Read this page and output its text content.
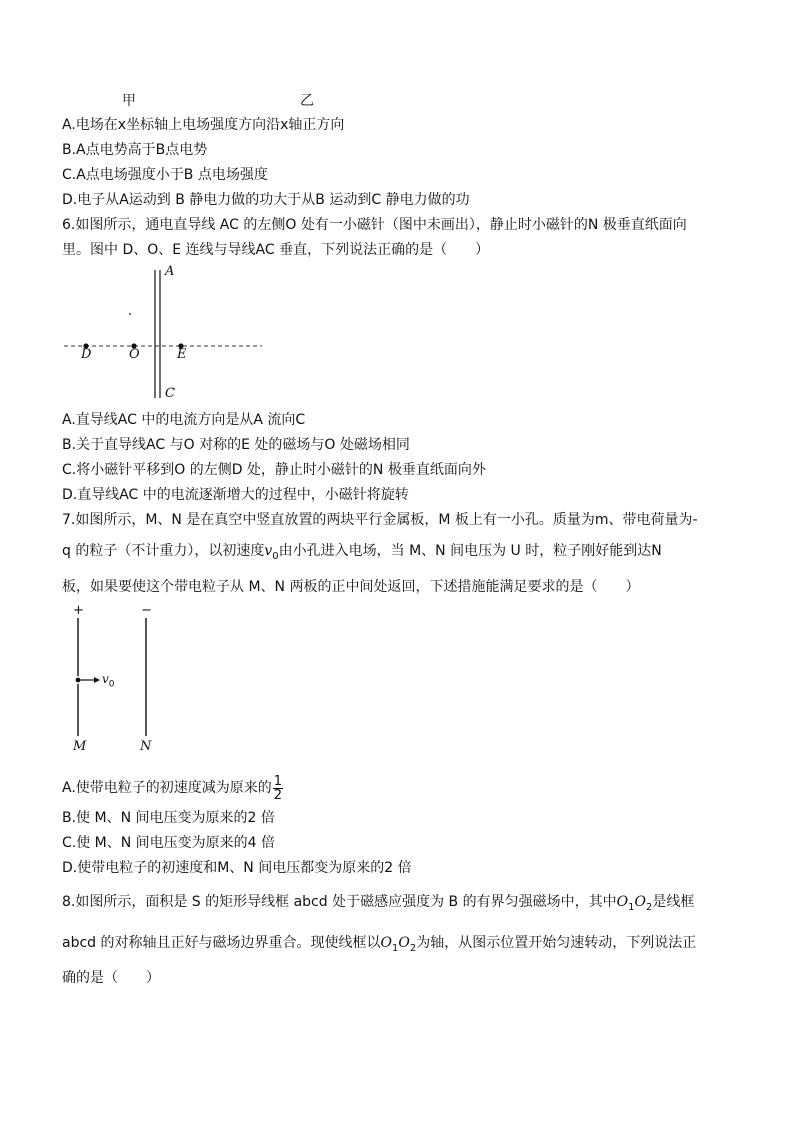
甲	乙
A.电场在x坐标轴上电场强度方向沿x轴正方向
B.A点电势高于B点电势
C.A点电场强度小于B 点电场强度
D.电子从A运动到 B 静电力做的功大于从B 运动到C 静电力做的功
6.如图所示，通电直导线 AC 的左侧O 处有一小磁针（图中未画出），静止时小磁针的N 极垂直纸面向
里。图中 D、O、E 连线与导线AC 垂直，下列说法正确的是（　　）
A
C
D	O	E
A.直导线AC 中的电流方向是从A 流向C
B.关于直导线AC 与O 对称的E 处的磁场与O 处磁场相同
C.将小磁针平移到O 的左侧D 处，静止时小磁针的N 极垂直纸面向外
D.直导线AC 中的电流逐渐增大的过程中，小磁针将旋转
7.如图所示，M、N 是在真空中竖直放置的两块平行金属板，M 板上有一小孔。质量为m、带电荷量为-
q 的粒子（不计重力），以初速度$v_0$由小孔进入电场，当 M、N 间电压为 U 时，粒子刚好能到达N
板，如果要使这个带电粒子从 M、N 两板的正中间处返回，下述措施能满足要求的是（　　）
+	−
$v_0$
M	N
A.使带电粒子的初速度减为原来的 $\frac{1}{2}$
B.使 M、N 间电压变为原来的2 倍
C.使 M、N 间电压变为原来的4 倍
D.使带电粒子的初速度和M、N 间电压都变为原来的2 倍
8.如图所示，面积是 S 的矩形导线框 abcd 处于磁感应强度为 B 的有界匀强磁场中，其中$O_1O_2$是线框
abcd 的对称轴且正好与磁场边界重合。现使线框以$O_1O_2$为轴，从图示位置开始匀速转动，下列说法正
确的是（　　）
